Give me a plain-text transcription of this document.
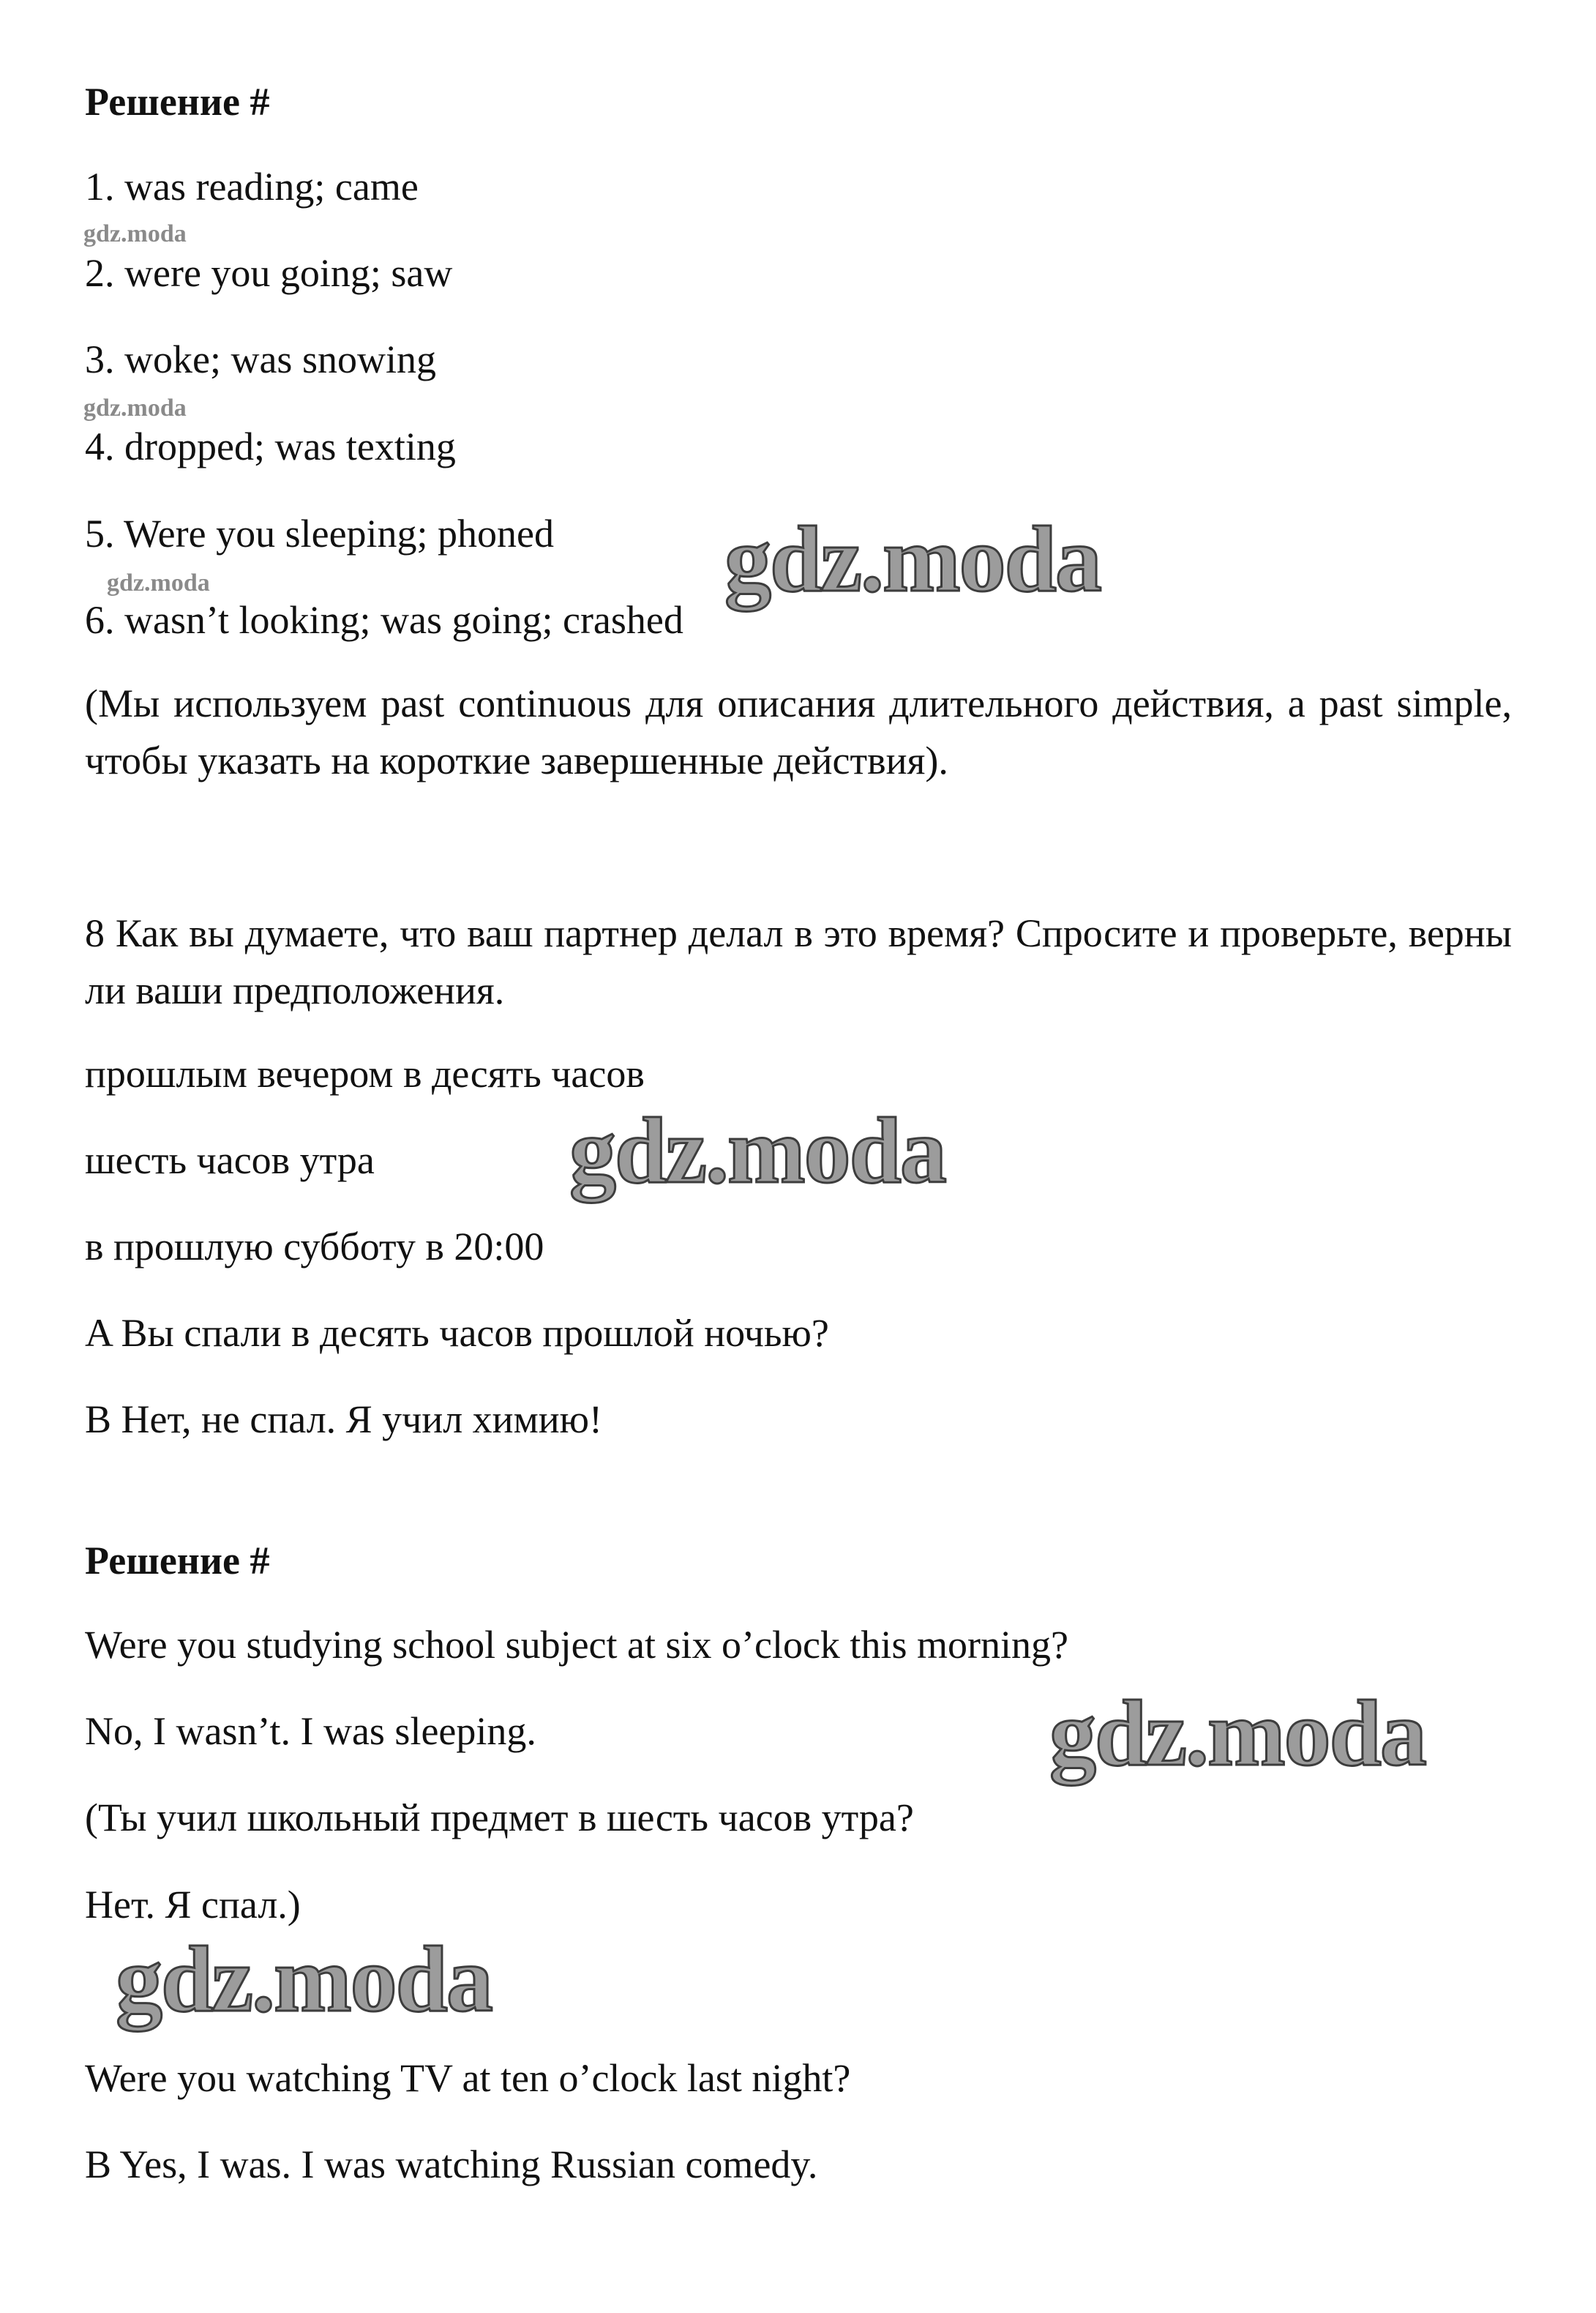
Решение #
1. was reading; came
gdz.moda
2. were you going; saw
3. woke; was snowing
gdz.moda
4. dropped; was texting
5. Were you sleeping; phoned gdz.moda
gdz.moda
6. wasn’t looking; was going; crashed
(Мы используем past continuous для описания длительного действия, а past simple, чтобы указать на короткие завершенные действия).
8 Как вы думаете, что ваш партнер делал в это время? Спросите и проверьте, верны ли ваши предположения.
прошлым вечером в десять часов
шесть часов утра gdz.moda
в прошлую субботу в 20:00
A Вы спали в десять часов прошлой ночью?
B Нет, не спал. Я учил химию!
Решение #
Were you studying school subject at six o’clock this morning?
No, I wasn’t. I was sleeping.	gdz.moda
(Ты учил школьный предмет в шесть часов утра?
Нет. Я спал.)
gdz.moda
Were you watching TV at ten o’clock last night?
B Yes, I was. I was watching Russian comedy.
